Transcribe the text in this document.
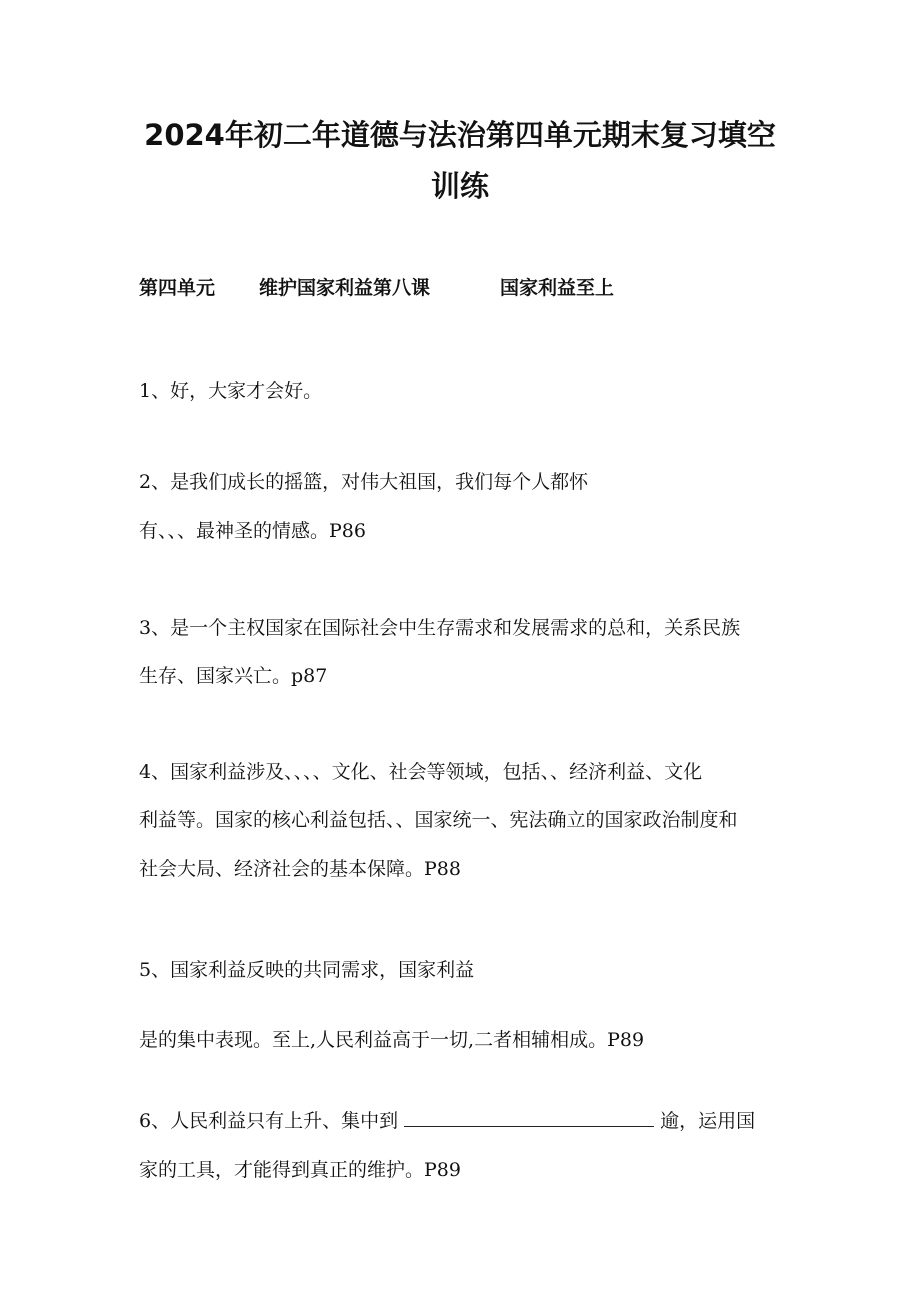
2024年初二年道德与法治第四单元期末复习填空
训练
第四单元 维护国家利益第八课	国家利益至上

1、好，大家才会好。

2、是我们成长的摇篮，对伟大祖国，我们每个人都怀

有、、、最神圣的情感。P86

3、是一个主权国家在国际社会中生存需求和发展需求的总和，关系民族

生存、国家兴亡。p87

4、国家利益涉及、、、、文化、社会等领域，包括、、经济利益、文化

利益等。国家的核心利益包括、、国家统一、宪法确立的国家政治制度和

社会大局、经济社会的基本保障。P88

5、国家利益反映的共同需求，国家利益

是的集中表现。至上,人民利益高于一切,二者相辅相成。P89

6、人民利益只有上升、集中到	逾，运用国

家的工具，才能得到真正的维护。P89
